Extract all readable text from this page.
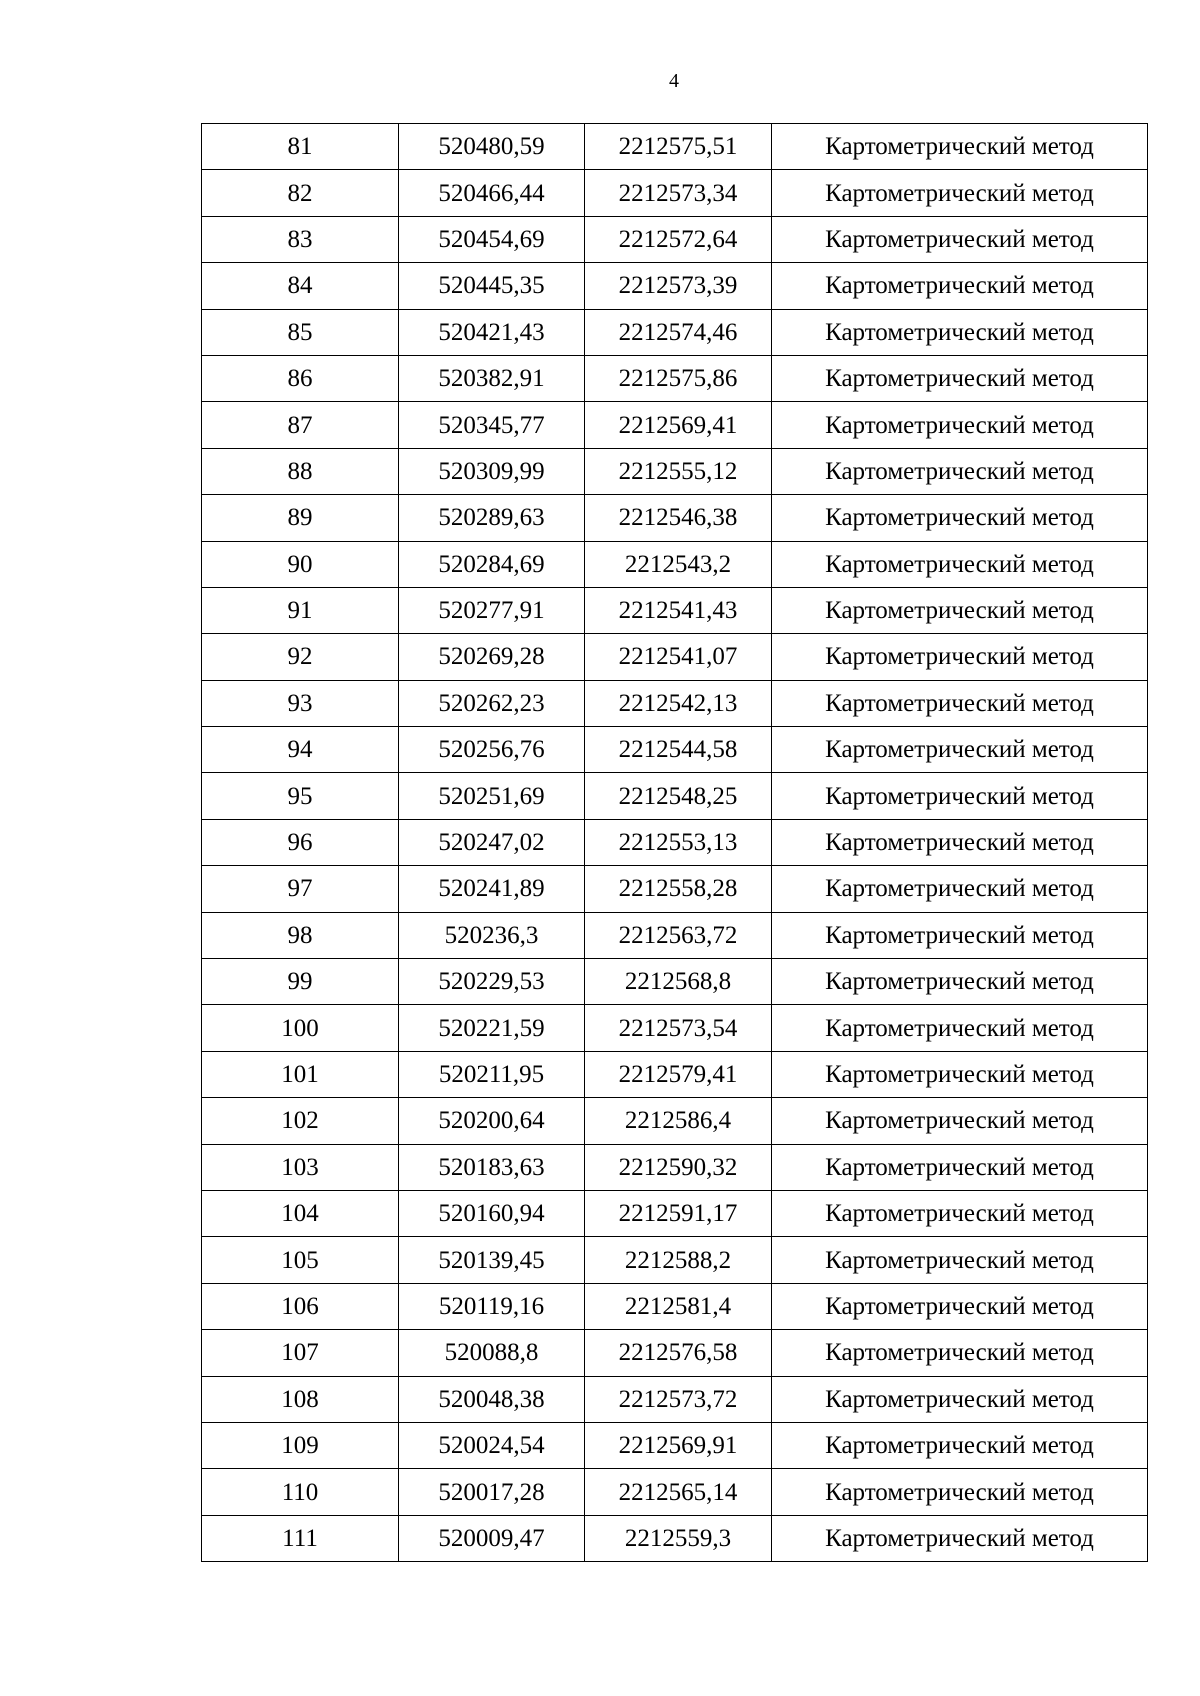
4
81	520480,59	2212575,51	Картометрический метод
82	520466,44	2212573,34	Картометрический метод
83	520454,69	2212572,64	Картометрический метод
84	520445,35	2212573,39	Картометрический метод
85	520421,43	2212574,46	Картометрический метод
86	520382,91	2212575,86	Картометрический метод
87	520345,77	2212569,41	Картометрический метод
88	520309,99	2212555,12	Картометрический метод
89	520289,63	2212546,38	Картометрический метод
90	520284,69	2212543,2	Картометрический метод
91	520277,91	2212541,43	Картометрический метод
92	520269,28	2212541,07	Картометрический метод
93	520262,23	2212542,13	Картометрический метод
94	520256,76	2212544,58	Картометрический метод
95	520251,69	2212548,25	Картометрический метод
96	520247,02	2212553,13	Картометрический метод
97	520241,89	2212558,28	Картометрический метод
98	520236,3	2212563,72	Картометрический метод
99	520229,53	2212568,8	Картометрический метод
100	520221,59	2212573,54	Картометрический метод
101	520211,95	2212579,41	Картометрический метод
102	520200,64	2212586,4	Картометрический метод
103	520183,63	2212590,32	Картометрический метод
104	520160,94	2212591,17	Картометрический метод
105	520139,45	2212588,2	Картометрический метод
106	520119,16	2212581,4	Картометрический метод
107	520088,8	2212576,58	Картометрический метод
108	520048,38	2212573,72	Картометрический метод
109	520024,54	2212569,91	Картометрический метод
110	520017,28	2212565,14	Картометрический метод
111	520009,47	2212559,3	Картометрический метод
